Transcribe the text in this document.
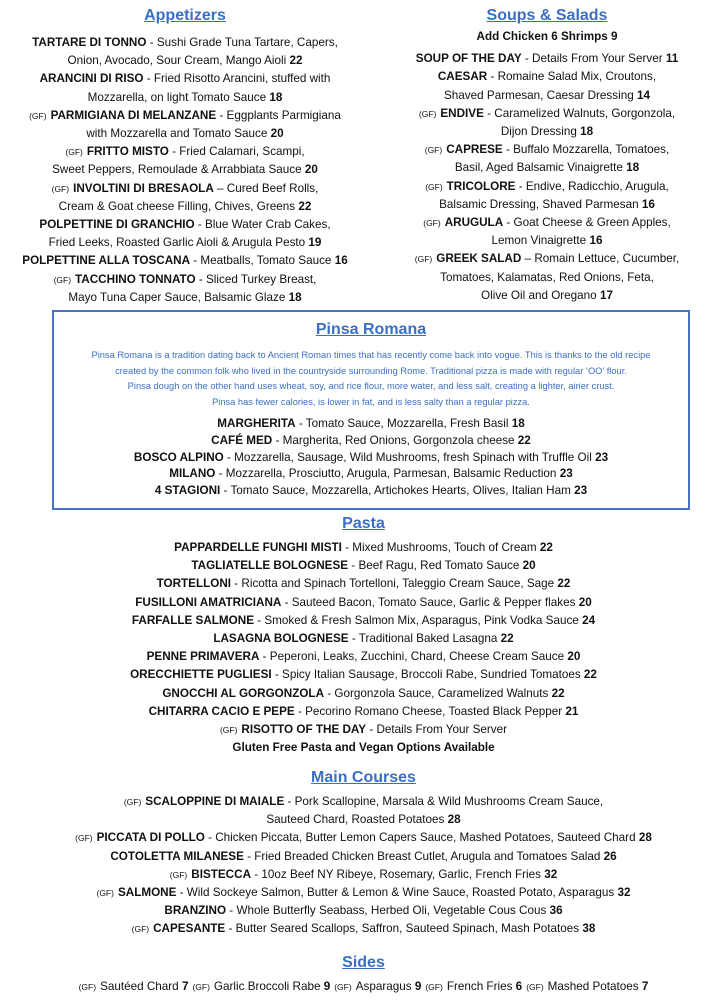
Appetizers
TARTARE DI TONNO - Sushi Grade Tuna Tartare, Capers,
Onion, Avocado, Sour Cream, Mango Aioli 22
ARANCINI DI RISO - Fried Risotto Arancini, stuffed with
Mozzarella, on light Tomato Sauce 18
(GF) PARMIGIANA DI MELANZANE - Eggplants Parmigiana
with Mozzarella and Tomato Sauce 20
(GF) FRITTO MISTO - Fried Calamari, Scampi,
Sweet Peppers, Remoulade & Arrabbiata Sauce 20
(GF) INVOLTINI DI BRESAOLA – Cured Beef Rolls,
Cream & Goat cheese Filling, Chives, Greens 22
POLPETTINE DI GRANCHIO - Blue Water Crab Cakes,
Fried Leeks, Roasted Garlic Aioli & Arugula Pesto 19
POLPETTINE ALLA TOSCANA - Meatballs, Tomato Sauce 16
(GF) TACCHINO TONNATO - Sliced Turkey Breast,
Mayo Tuna Caper Sauce, Balsamic Glaze 18
Soups & Salads
Add Chicken 6 Shrimps 9
SOUP OF THE DAY - Details From Your Server 11
CAESAR - Romaine Salad Mix, Croutons,
Shaved Parmesan, Caesar Dressing 14
(GF) ENDIVE - Caramelized Walnuts, Gorgonzola,
Dijon Dressing 18
(GF) CAPRESE - Buffalo Mozzarella, Tomatoes,
Basil, Aged Balsamic Vinaigrette 18
(GF) TRICOLORE - Endive, Radicchio, Arugula,
Balsamic Dressing, Shaved Parmesan 16
(GF) ARUGULA - Goat Cheese & Green Apples,
Lemon Vinaigrette 16
(GF) GREEK SALAD – Romain Lettuce, Cucumber,
Tomatoes, Kalamatas, Red Onions, Feta,
Olive Oil and Oregano 17
Pinsa Romana
Pinsa Romana is a tradition dating back to Ancient Roman times that has recently come back into vogue. This is thanks to the old recipe
created by the common folk who lived in the countryside surrounding Rome. Traditional pizza is made with regular ‘OO’ flour.
Pinsa dough on the other hand uses wheat, soy, and rice flour, more water, and less salt, creating a lighter, airier crust.
Pinsa has fewer calories, is lower in fat, and is less salty than a regular pizza.
MARGHERITA - Tomato Sauce, Mozzarella, Fresh Basil 18
CAFÉ MED - Margherita, Red Onions, Gorgonzola cheese 22
BOSCO ALPINO - Mozzarella, Sausage, Wild Mushrooms, fresh Spinach with Truffle Oil 23
MILANO - Mozzarella, Prosciutto, Arugula, Parmesan, Balsamic Reduction 23
4 STAGIONI - Tomato Sauce, Mozzarella, Artichokes Hearts, Olives, Italian Ham 23
Pasta
PAPPARDELLE FUNGHI MISTI - Mixed Mushrooms, Touch of Cream 22
TAGLIATELLE BOLOGNESE - Beef Ragu, Red Tomato Sauce 20
TORTELLONI - Ricotta and Spinach Tortelloni, Taleggio Cream Sauce, Sage 22
FUSILLONI AMATRICIANA - Sauteed Bacon, Tomato Sauce, Garlic & Pepper flakes 20
FARFALLE SALMONE - Smoked & Fresh Salmon Mix, Asparagus, Pink Vodka Sauce 24
LASAGNA BOLOGNESE - Traditional Baked Lasagna 22
PENNE PRIMAVERA - Peperoni, Leaks, Zucchini, Chard, Cheese Cream Sauce 20
ORECCHIETTE PUGLIESI - Spicy Italian Sausage, Broccoli Rabe, Sundried Tomatoes 22
GNOCCHI AL GORGONZOLA - Gorgonzola Sauce, Caramelized Walnuts 22
CHITARRA CACIO E PEPE - Pecorino Romano Cheese, Toasted Black Pepper 21
(GF) RISOTTO OF THE DAY - Details From Your Server
Gluten Free Pasta and Vegan Options Available
Main Courses
(GF) SCALOPPINE DI MAIALE - Pork Scallopine, Marsala & Wild Mushrooms Cream Sauce,
Sauteed Chard, Roasted Potatoes 28
(GF) PICCATA DI POLLO - Chicken Piccata, Butter Lemon Capers Sauce, Mashed Potatoes, Sauteed Chard 28
COTOLETTA MILANESE - Fried Breaded Chicken Breast Cutlet, Arugula and Tomatoes Salad 26
(GF) BISTECCA - 10oz Beef NY Ribeye, Rosemary, Garlic, French Fries 32
(GF) SALMONE - Wild Sockeye Salmon, Butter & Lemon & Wine Sauce, Roasted Potato, Asparagus 32
BRANZINO - Whole Butterfly Seabass, Herbed Oli, Vegetable Cous Cous 36
(GF) CAPESANTE - Butter Seared Scallops, Saffron, Sauteed Spinach, Mash Potatoes 38
Sides
(GF) Sautéed Chard 7 (GF) Garlic Broccoli Rabe 9 (GF) Asparagus 9 (GF) French Fries 6 (GF) Mashed Potatoes 7
